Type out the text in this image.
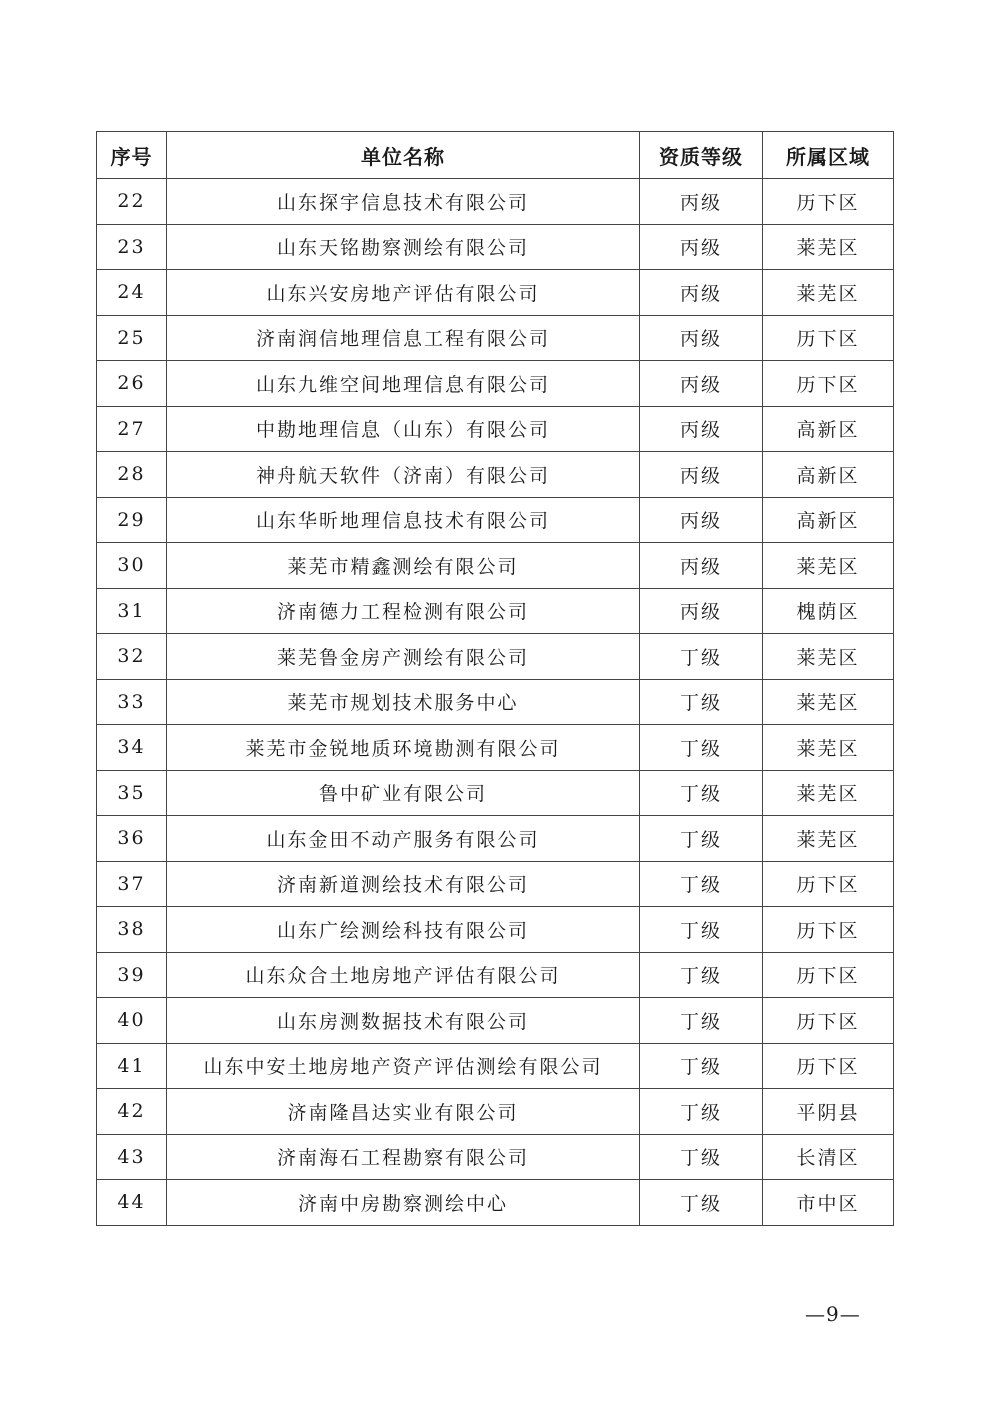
序号	单位名称	资质等级	所属区域
22	山东探宇信息技术有限公司	丙级	历下区
23	山东天铭勘察测绘有限公司	丙级	莱芜区
24	山东兴安房地产评估有限公司	丙级	莱芜区
25	济南润信地理信息工程有限公司	丙级	历下区
26	山东九维空间地理信息有限公司	丙级	历下区
27	中勘地理信息（山东）有限公司	丙级	高新区
28	神舟航天软件（济南）有限公司	丙级	高新区
29	山东华昕地理信息技术有限公司	丙级	高新区
30	莱芜市精鑫测绘有限公司	丙级	莱芜区
31	济南德力工程检测有限公司	丙级	槐荫区
32	莱芜鲁金房产测绘有限公司	丁级	莱芜区
33	莱芜市规划技术服务中心	丁级	莱芜区
34	莱芜市金锐地质环境勘测有限公司	丁级	莱芜区
35	鲁中矿业有限公司	丁级	莱芜区
36	山东金田不动产服务有限公司	丁级	莱芜区
37	济南新道测绘技术有限公司	丁级	历下区
38	山东广绘测绘科技有限公司	丁级	历下区
39	山东众合土地房地产评估有限公司	丁级	历下区
40	山东房测数据技术有限公司	丁级	历下区
41	山东中安土地房地产资产评估测绘有限公司	丁级	历下区
42	济南隆昌达实业有限公司	丁级	平阴县
43	济南海石工程勘察有限公司	丁级	长清区
44	济南中房勘察测绘中心	丁级	市中区
—9—
